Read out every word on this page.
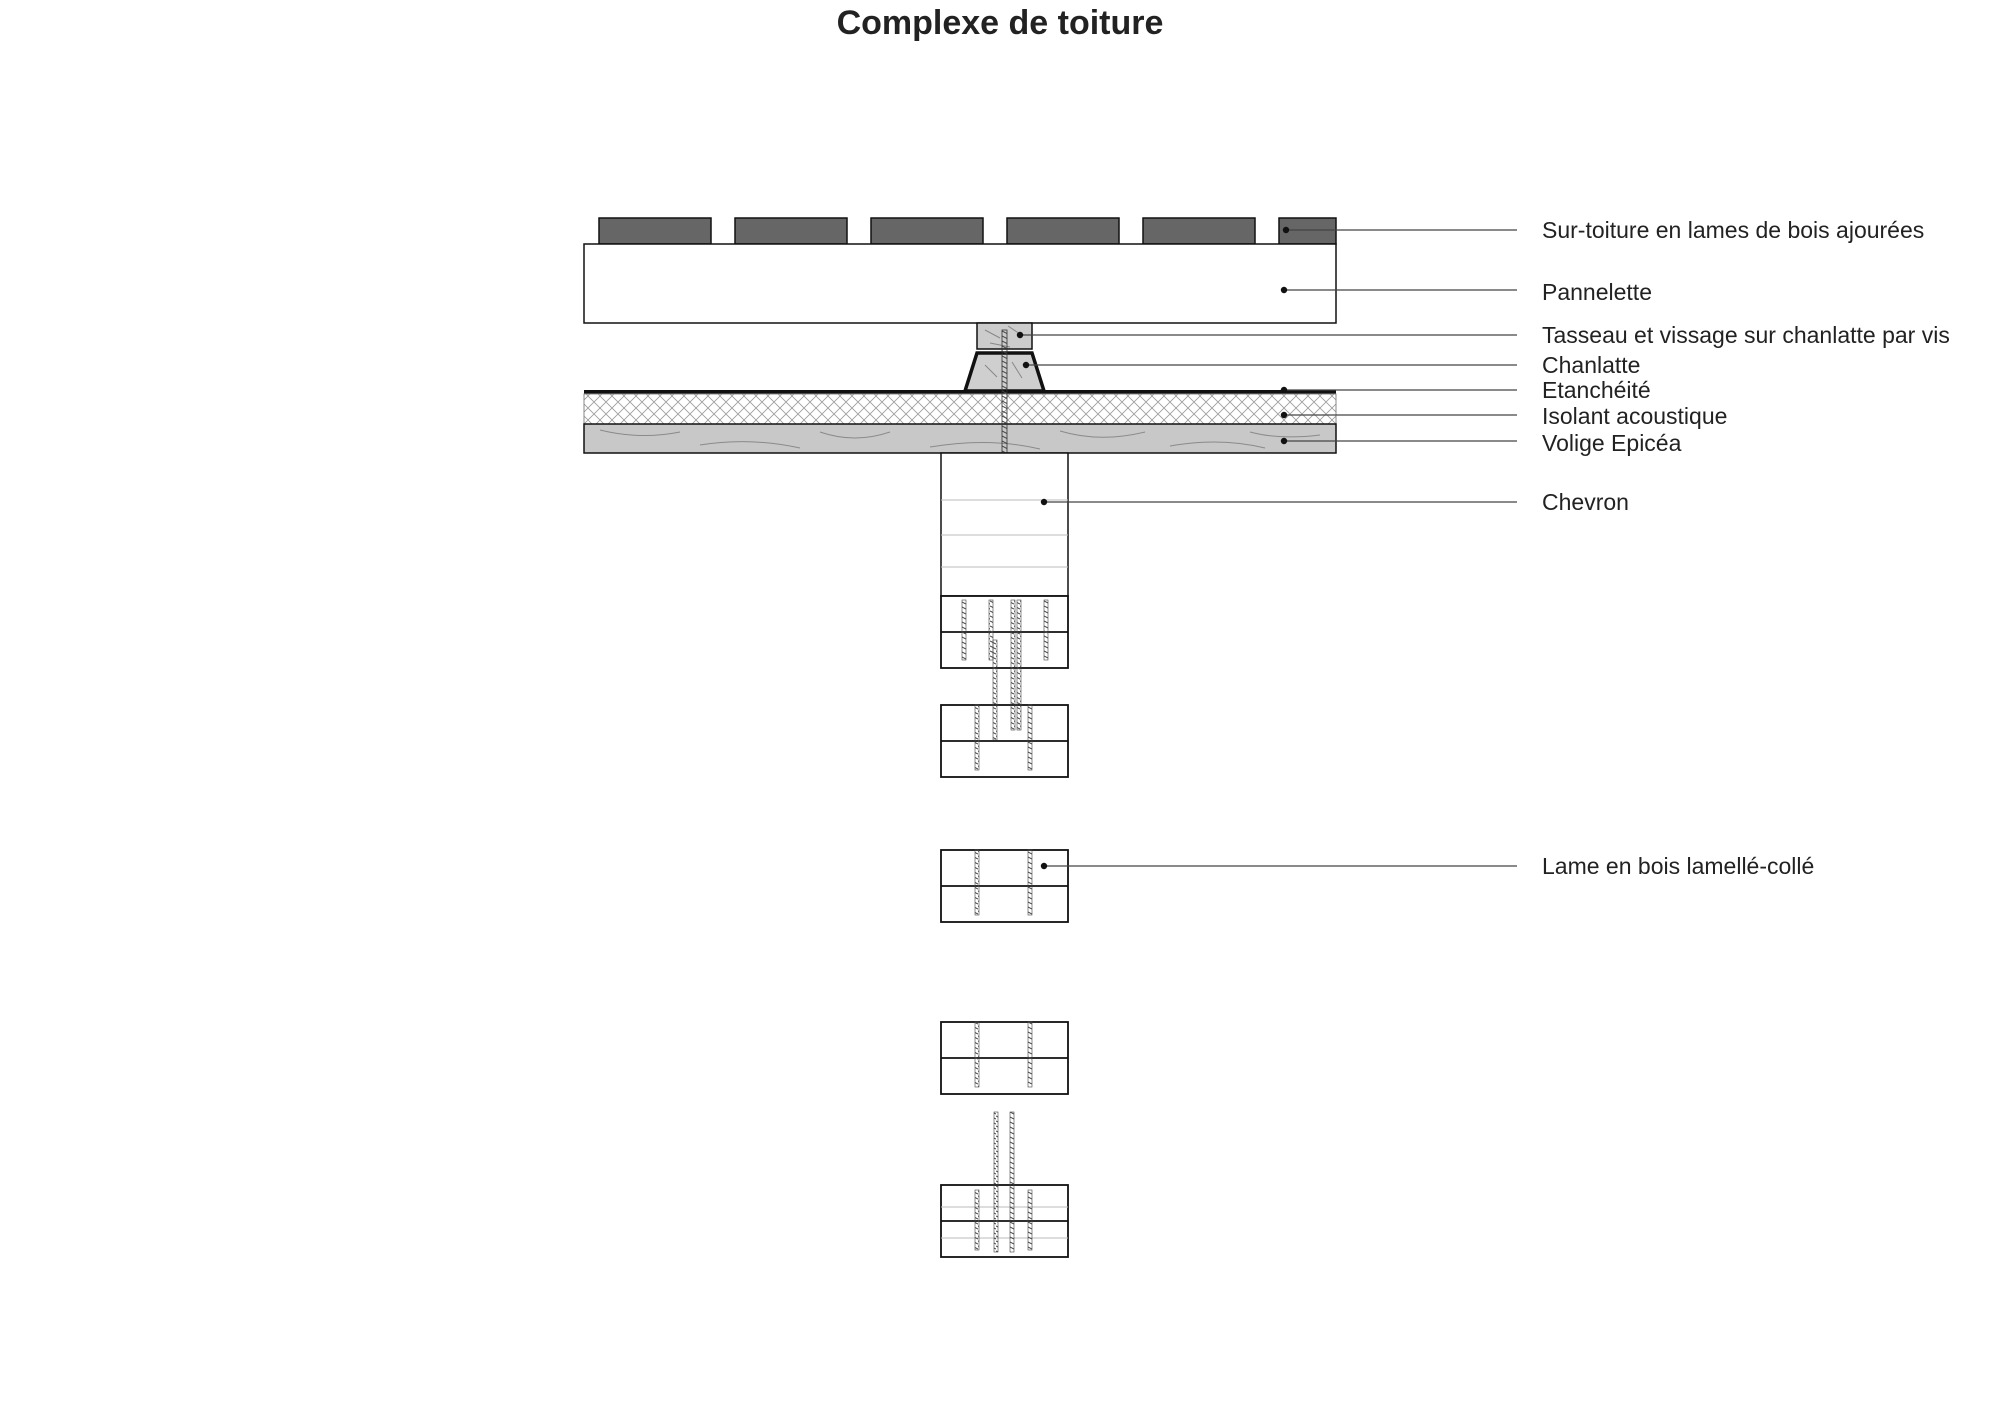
Complexe de toiture
Sur-toiture en lames de bois ajourées
Pannelette
Tasseau et vissage sur chanlatte par vis
Chanlatte
Etanchéité
Isolant acoustique
Volige Epicéa
Chevron
Lame en bois lamellé-collé
